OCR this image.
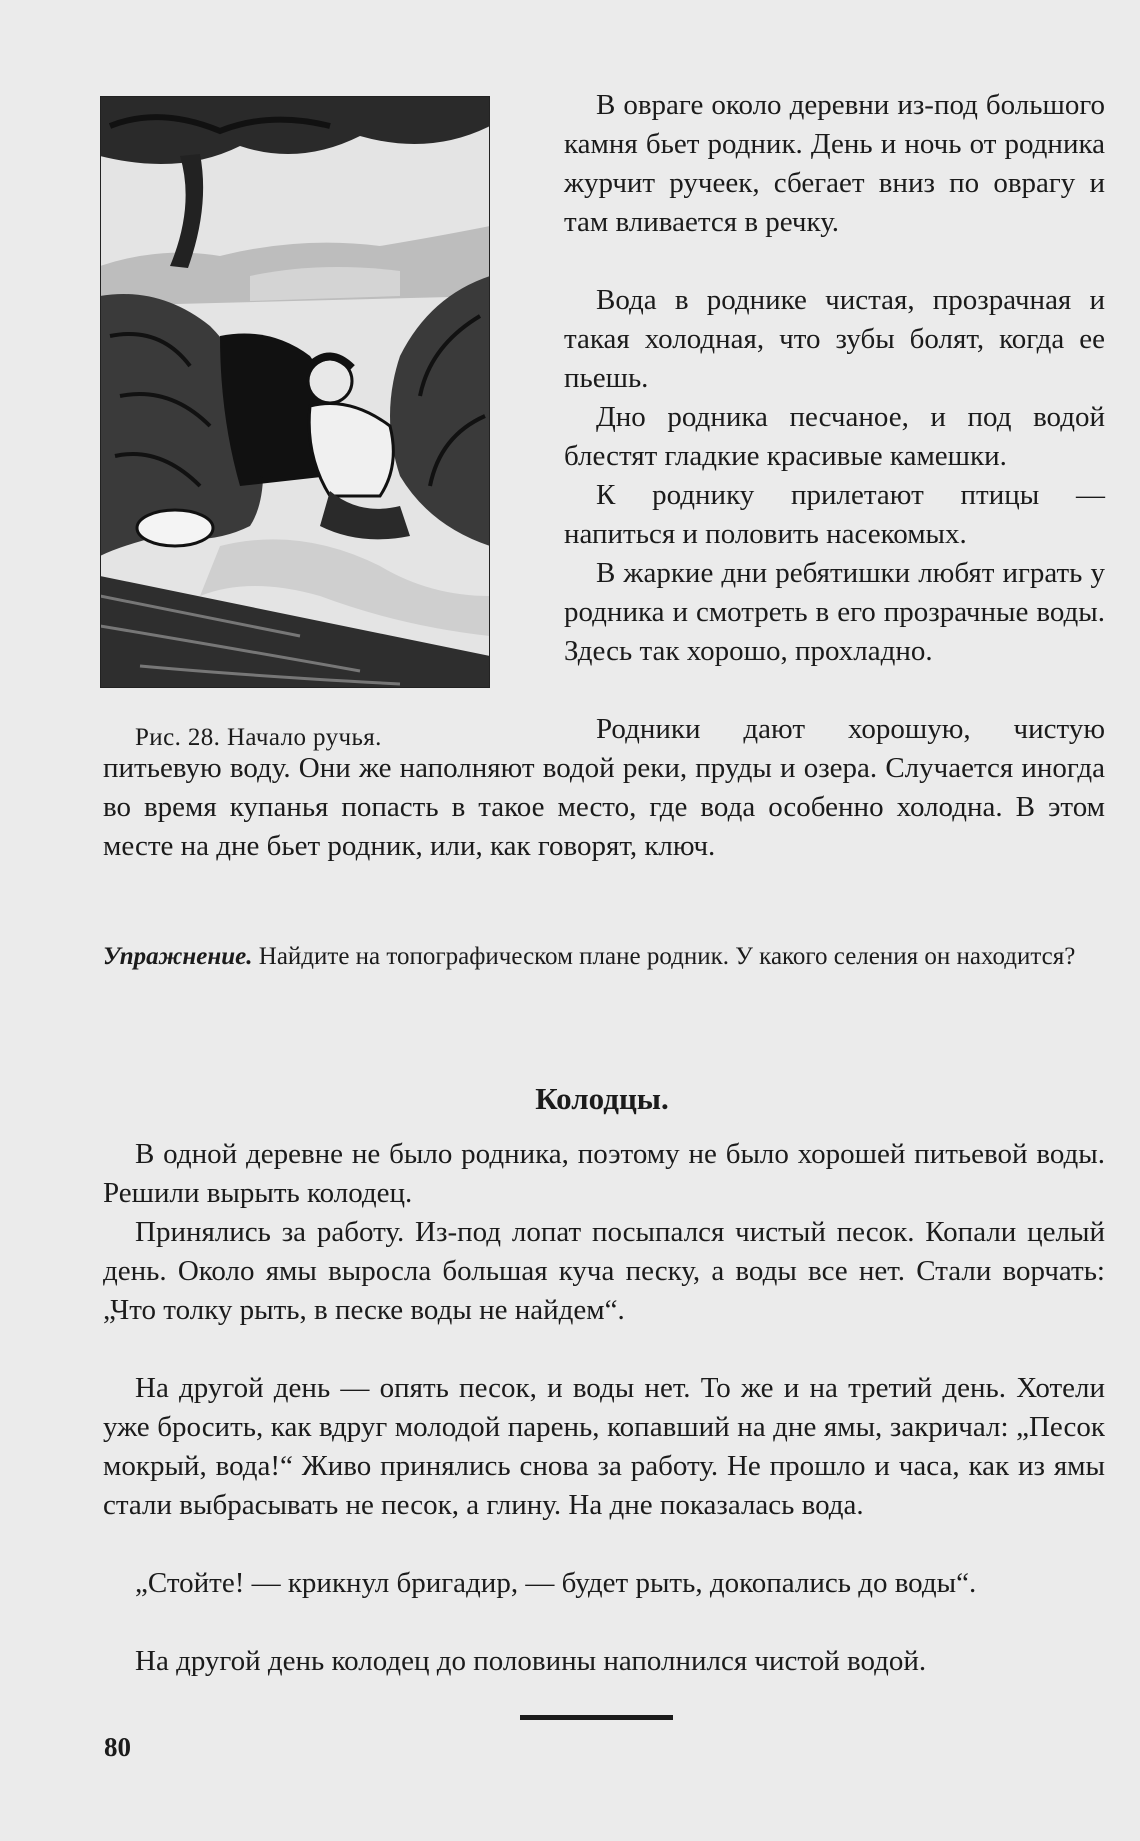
Рис. 28. Начало ручья.

В овраге около деревни из-под большого камня бьет родник. День и ночь от родника журчит ручеек, сбегает вниз по оврагу и там вливается в речку.

Вода в роднике чистая, прозрачная и такая холодная, что зубы болят, когда ее пьешь.

Дно родника песчаное, и под водой блестят гладкие красивые камешки.

К роднику прилетают птицы — напиться и половить насекомых.

В жаркие дни ребятишки любят играть у родника и смотреть в его прозрачные воды. Здесь так хорошо, прохладно.

Родники дают хорошую, чистую питьевую воду. Они же наполняют водой реки, пруды и озера. Случается иногда во время купанья попасть в такое место, где вода особенно холодна. В этом месте на дне бьет родник, или, как говорят, ключ.

Упражнение. Найдите на топографическом плане родник. У какого селения он находится?

Колодцы.

В одной деревне не было родника, поэтому не было хорошей питьевой воды. Решили вырыть колодец.

Принялись за работу. Из-под лопат посыпался чистый песок. Копали целый день. Около ямы выросла большая куча песку, а воды все нет. Стали ворчать: „Что толку рыть, в песке воды не найдем“.

На другой день — опять песок, и воды нет. То же и на третий день. Хотели уже бросить, как вдруг молодой парень, копавший на дне ямы, закричал: „Песок мокрый, вода!“ Живо принялись снова за работу. Не прошло и часа, как из ямы стали выбрасывать не песок, а глину. На дне показалась вода.

„Стойте! — крикнул бригадир, — будет рыть, докопались до воды“.

На другой день колодец до половины наполнился чистой водой.

80
